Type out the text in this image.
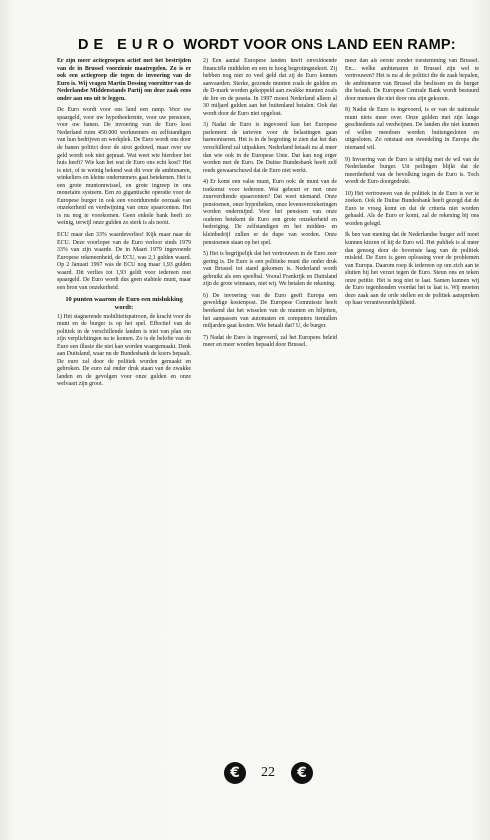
DE EURO WORDT VOOR ONS LAND EEN RAMP:

Er zijn meer actiegroepen actief met het bestrijden van de in Brussel voorzienie maatregelen. Zo is er ook een actiegroep die tegen de invoering van de Euro is. Wij vragen Martin Dessing voorzitter van de Nederlandse Middenstands Partij om deze zaak eens onder aan ons uit te leggen.

De Euro wordt voor ons land een ramp. Voor uw spaargeld, voor uw hypotheekrente, voor uw pensioen, voor uw banen. De invoering van de Euro kost Nederland ruim 450.000 werknemers en zelfstandigen van hun bedrijven en werkplek. De Euro wordt ons door de banen politici door de strot geduwd, maar over uw geld wordt ook niet gepraat. Wat weet wie hierdoor het huis heeft? Wie kan het wat de Euro ons echt kost? Het is niet, of te weinig bekend wat dit voor de ambtenaren, winkeliers en kleine ondernemers gaat betekenen. Het is een grote muntomwissel, en grote ingreep in ons monetaire systeem. Een zo gigantische operatie voor de Europese burger in ook een voortdurende oorzaak van onzekerheid en verdwijning van onze spaarcenten. Het is nu nog te voorkomen. Geen enkele bank heeft zo weinig, terwijl onze gulden zo sterk is als nooit.

ECU maar dan 33% waardeverlies! Kijk maar naar de ECU. Deze voorloper van de Euro verloor sinds 1979 33% van zijn waarde. De in Maart 1979 ingevoerde Europese rekeneenheid, de ECU, was 2,1 gulden waard. Op 2 Januari 1997 was de ECU nog maar 1,93 gulden waard. Dit verlies tot 1,93 geldt voor iedereen met spaargeld. De Euro wordt dus geen stabiele munt, maar een bron van onzekerheid.

10 punten waarom de Euro een mislukking wordt:

1) Het stagnerende mobiliteitspatroon, de kracht voor de munt en de burger is op het spel. Effectief van de politiek in de verschillende landen is niet van plan om zijn verplichtingen na te komen. Zo is de belofte van de Euro een illusie die niet kan worden waargemaakt. Denk aan Duitsland, waar nu de Bundesbank de koers bepaalt. De euro zal door de politiek worden gemaakt en gebroken. De euro zal onder druk staan van de zwakke landen en de gevolgen voor onze gulden en onze welvaart zijn groot.

2) Een aantal Europese landen heeft onvoldoende financiële middelen en een te hoog begrotingstekort. Zij hebben nog niet zo veel geld dat zij de Euro kunnen aanvaarden. Sterke, gezonde munten zoals de gulden en de D-mark worden gekoppeld aan zwakke munten zoals de lire en de peseta. In 1997 moest Nederland alleen al 30 miljard gulden aan het buitenland betalen. Ook dat wordt door de Euro niet opgelost.

3) Nadat de Euro is ingevoerd kan het Europese parlement de tarieven voor de belastingen gaan harmoniseren. Het is in de begroting te zien dat het dan verschillend zal uitpakken. Nederland betaalt nu al meer dan wie ook in de Europese Unie. Dat kan nog erger worden met de Euro. De Duitse Bundesbank heeft zelf reeds gewaarschuwd dat de Euro niet werkt.

4) Er komt een valse munt, Euro ook: de munt van de toekomst voor iedereen. Wat gebeurt er met onze zuurverdiende spaarcenten? Dat weet niemand. Onze pensioenen, onze hypotheken, onze levensverzekeringen worden ondermijnd. Voor het pensioen van onze ouderen betekent de Euro een grote onzekerheid en bedreiging. De zelfstandigen en het midden- en kleinbedrijf zullen er de dupe van worden. Onze pensioenen staan op het spel.

5) Het is begrijpelijk dat het vertrouwen in de Euro zeer gering is. De Euro is een politieke munt die onder druk van Brussel tot stand gekomen is. Nederland wordt gebruikt als een speelbal. Vooral Frankrijk en Duitsland zijn de grote winnaars, niet wij. We betalen de rekening.

6) De invoering van de Euro geeft Europa een geweldige kostenpost. De Europese Commissie heeft berekend dat het wisselen van de munten en biljetten, het aanpassen van automaten en computers tientallen miljarden gaat kosten. Wie betaalt dat? U, de burger.

7) Nadat de Euro is ingevoerd, zal het Europees beleid meer en meer worden bepaald door Brussel.

meer dan als eerste zonder toestemming van Brussel. En... welke ambtenaren in Brussel zijn wel te vertrouwen? Het is nu al de politici die de zaak bepalen, de ambtenaren van Brussel die beslissen en de burger die betaalt. De Europese Centrale Bank wordt bestuurd door mensen die niet door ons zijn gekozen.

8) Nadat de Euro is ingevoerd, is er van de nationale munt niets meer over. Onze gulden met zijn lange geschiedenis zal verdwijnen. De landen die niet kunnen of willen meedoen worden buitengesloten en uitgesloten. Zo ontstaat een tweedeling in Europa die niemand wil.

9) Invoering van de Euro is strijdig met de wil van de Nederlandse burger. Uit peilingen blijkt dat de meerderheid van de bevolking tegen de Euro is. Toch wordt de Euro doorgedrukt.

10) Het vertrouwen van de politiek in de Euro is ver te zoeken. Ook de Duitse Bundesbank heeft gezegd dat de Euro te vroeg komt en dat de criteria niet worden gehaald. Als de Euro er komt, zal de rekening bij ons worden gelegd.

Ik ben van mening dat de Nederlandse burger zelf moet kunnen kiezen of hij de Euro wil. Het publiek is al meer dan genoeg door de bovenste laag van de politiek misleid. De Euro is geen oplossing voor de problemen van Europa. Daarom roep ik iedereen op om zich aan te sluiten bij het verzet tegen de Euro. Steun ons en teken onze petitie. Het is nog niet te laat. Samen kunnen wij de Euro tegenhouden voordat het te laat is. Wij moeten deze zaak aan de orde stellen en de politiek aanspreken op haar verantwoordelijkheid.

€	22	€
